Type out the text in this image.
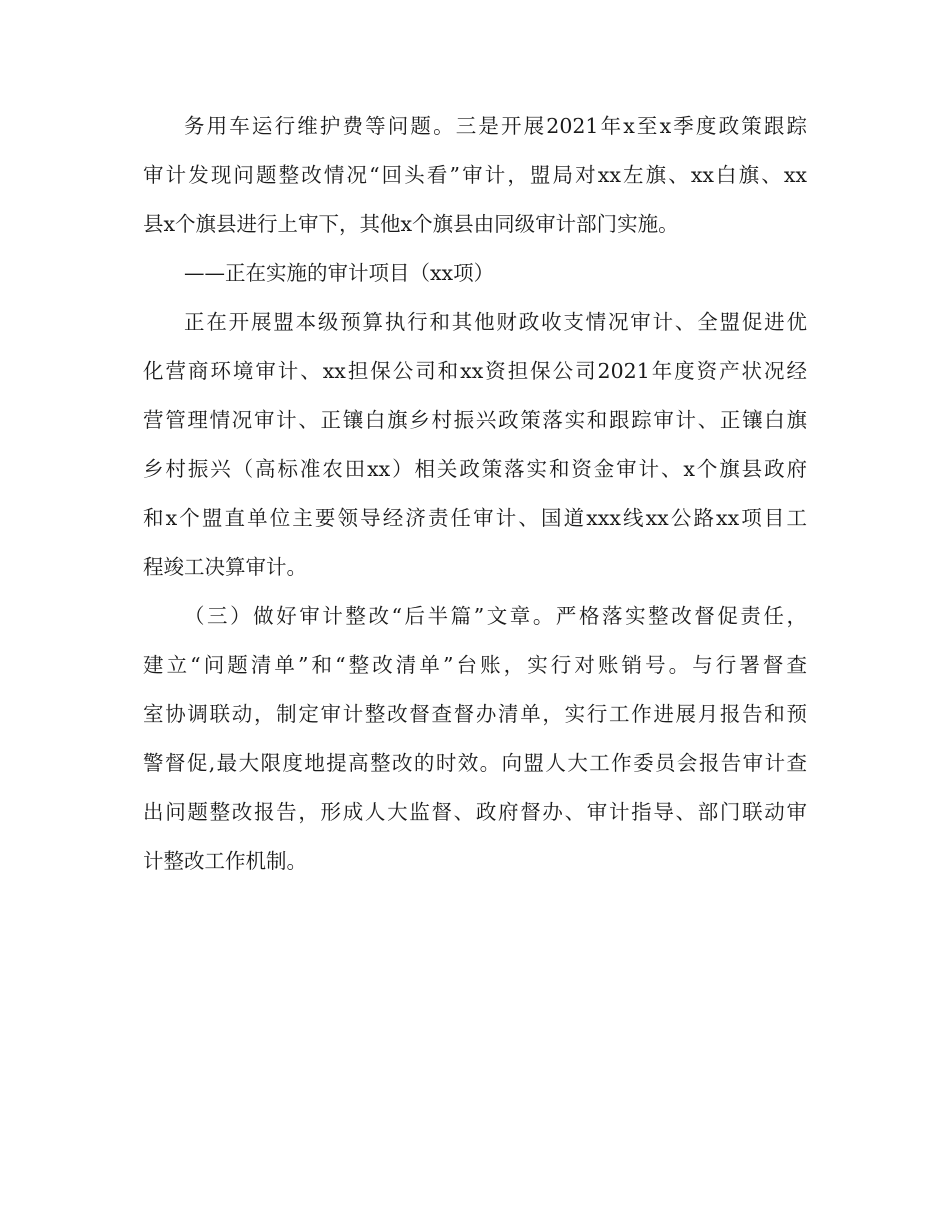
务用车运行维护费等问题。三是开展2021年x至x季度政策跟踪
审计发现问题整改情况“回头看”审计，盟局对xx左旗、xx白旗、xx
县x个旗县进行上审下，其他x个旗县由同级审计部门实施。
——正在实施的审计项目（xx项）
正在开展盟本级预算执行和其他财政收支情况审计、全盟促进优
化营商环境审计、xx担保公司和xx资担保公司2021年度资产状况经
营管理情况审计、正镶白旗乡村振兴政策落实和跟踪审计、正镶白旗
乡村振兴（高标准农田xx）相关政策落实和资金审计、x个旗县政府
和x个盟直单位主要领导经济责任审计、国道xxx线xx公路xx项目工
程竣工决算审计。
（三）做好审计整改“后半篇”文章。严格落实整改督促责任，
建立“问题清单”和“整改清单”台账，实行对账销号。与行署督查
室协调联动，制定审计整改督查督办清单，实行工作进展月报告和预
警督促,最大限度地提高整改的时效。向盟人大工作委员会报告审计查
出问题整改报告，形成人大监督、政府督办、审计指导、部门联动审
计整改工作机制。
